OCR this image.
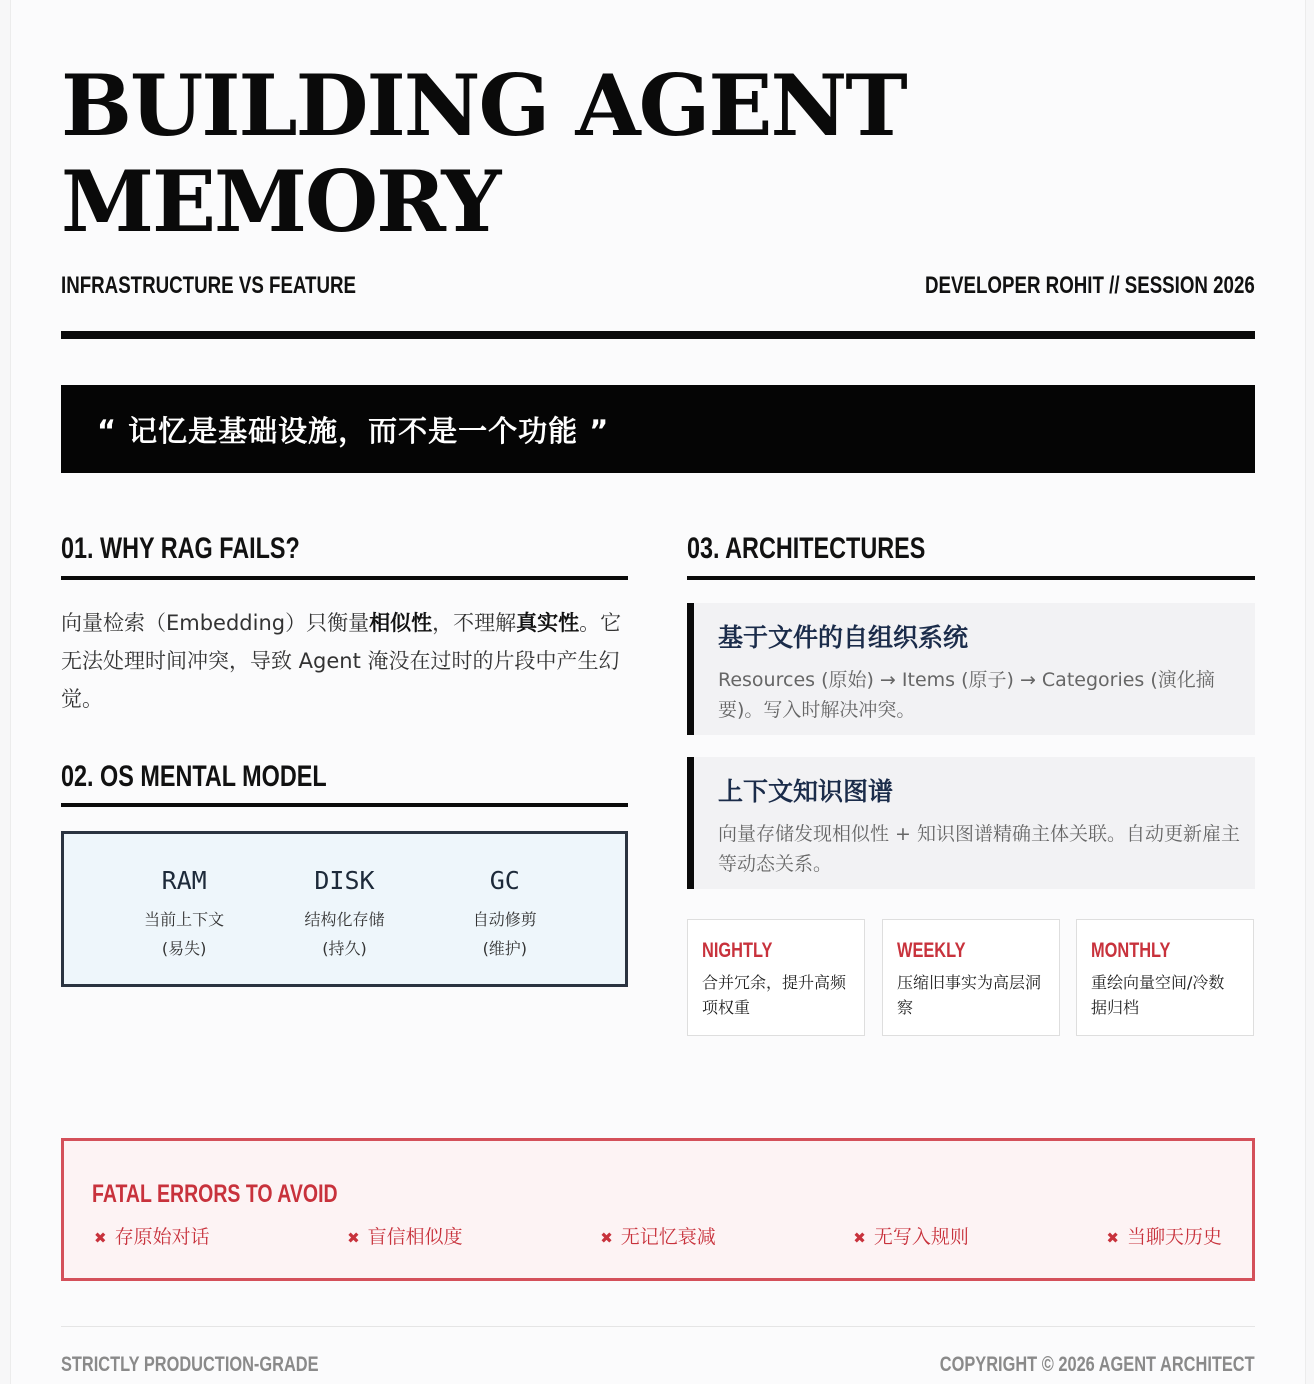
BUILDING AGENT
MEMORY
INFRASTRUCTURE VS FEATURE	DEVELOPER ROHIT // SESSION 2026
“ 记忆是基础设施，而不是一个功能 ”
01. WHY RAG FAILS?
向量检索（Embedding）只衡量相似性，不理解真实性。它无法处理时间冲突，导致 Agent 淹没在过时的片段中产生幻觉。
02. OS MENTAL MODEL
RAM
当前上下文
(易失)
DISK
结构化存储
(持久)
GC
自动修剪
(维护)
03. ARCHITECTURES
基于文件的自组织系统
Resources (原始) → Items (原子) → Categories (演化摘要)。写入时解决冲突。
上下文知识图谱
向量存储发现相似性 + 知识图谱精确主体关联。自动更新雇主等动态关系。
NIGHTLY
合并冗余，提升高频项权重
WEEKLY
压缩旧事实为高层洞察
MONTHLY
重绘向量空间/冷数据归档
FATAL ERRORS TO AVOID
✖ 存原始对话	✖ 盲信相似度	✖ 无记忆衰减	✖ 无写入规则	✖ 当聊天历史
STRICTLY PRODUCTION-GRADE	COPYRIGHT © 2026 AGENT ARCHITECT
